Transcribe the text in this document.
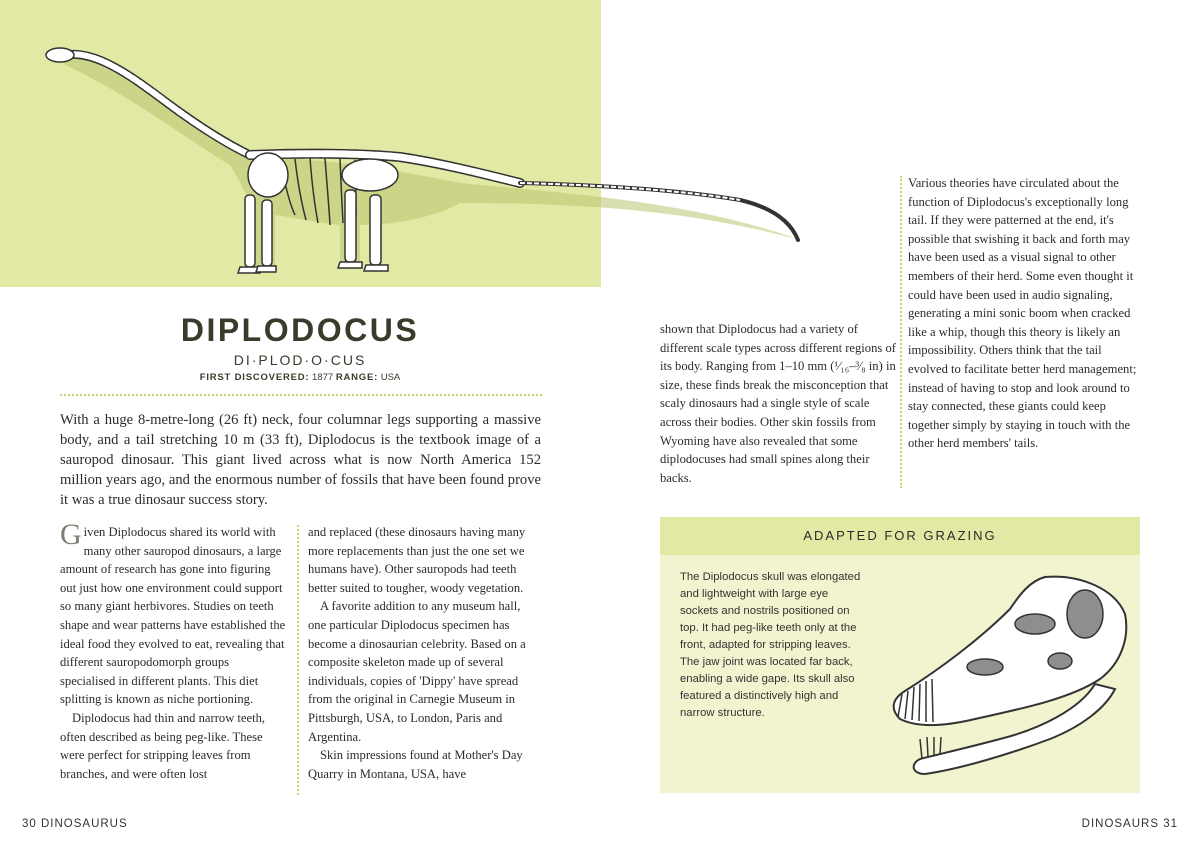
DIPLODOCUS
DI·PLOD·O·CUS
FIRST DISCOVERED: 1877 RANGE: USA
With a huge 8-metre-long (26 ft) neck, four columnar legs supporting a massive body, and a tail stretching 10 m (33 ft), Diplodocus is the textbook image of a sauropod dinosaur. This giant lived across what is now North America 152 million years ago, and the enormous number of fossils that have been found prove it was a true dinosaur success story.

Given Diplodocus shared its world with many other sauropod dinosaurs, a large amount of research has gone into figuring out just how one environment could support so many giant herbivores. Studies on teeth shape and wear patterns have established the ideal food they evolved to eat, revealing that different sauropodomorph groups specialised in different plants. This diet splitting is known as niche portioning.

Diplodocus had thin and narrow teeth, often described as being peg-like. These were perfect for stripping leaves from branches, and were often lost

and replaced (these dinosaurs having many more replacements than just the one set we humans have). Other sauropods had teeth better suited to tougher, woody vegetation.

A favorite addition to any museum hall, one particular Diplodocus specimen has become a dinosaurian celebrity. Based on a composite skeleton made up of several individuals, copies of 'Dippy' have spread from the original in Carnegie Museum in Pittsburgh, USA, to London, Paris and Argentina.

Skin impressions found at Mother's Day Quarry in Montana, USA, have

shown that Diplodocus had a variety of different scale types across different regions of its body. Ranging from 1–10 mm (¹⁄₁₆–³⁄₈ in) in size, these finds break the misconception that scaly dinosaurs had a single style of scale across their bodies. Other skin fossils from Wyoming have also revealed that some diplodocuses had small spines along their backs.

Various theories have circulated about the function of Diplodocus's exceptionally long tail. If they were patterned at the end, it's possible that swishing it back and forth may have been used as a visual signal to other members of their herd. Some even thought it could have been used in audio signaling, generating a mini sonic boom when cracked like a whip, though this theory is likely an impossibility. Others think that the tail evolved to facilitate better herd management; instead of having to stop and look around to stay connected, these giants could keep together simply by staying in touch with the other herd members' tails.

ADAPTED FOR GRAZING
The Diplodocus skull was elongated and lightweight with large eye sockets and nostrils positioned on top. It had peg-like teeth only at the front, adapted for stripping leaves. The jaw joint was located far back, enabling a wide gape. Its skull also featured a distinctively high and narrow structure.
30 DINOSAURUS	DINOSAURS 31
